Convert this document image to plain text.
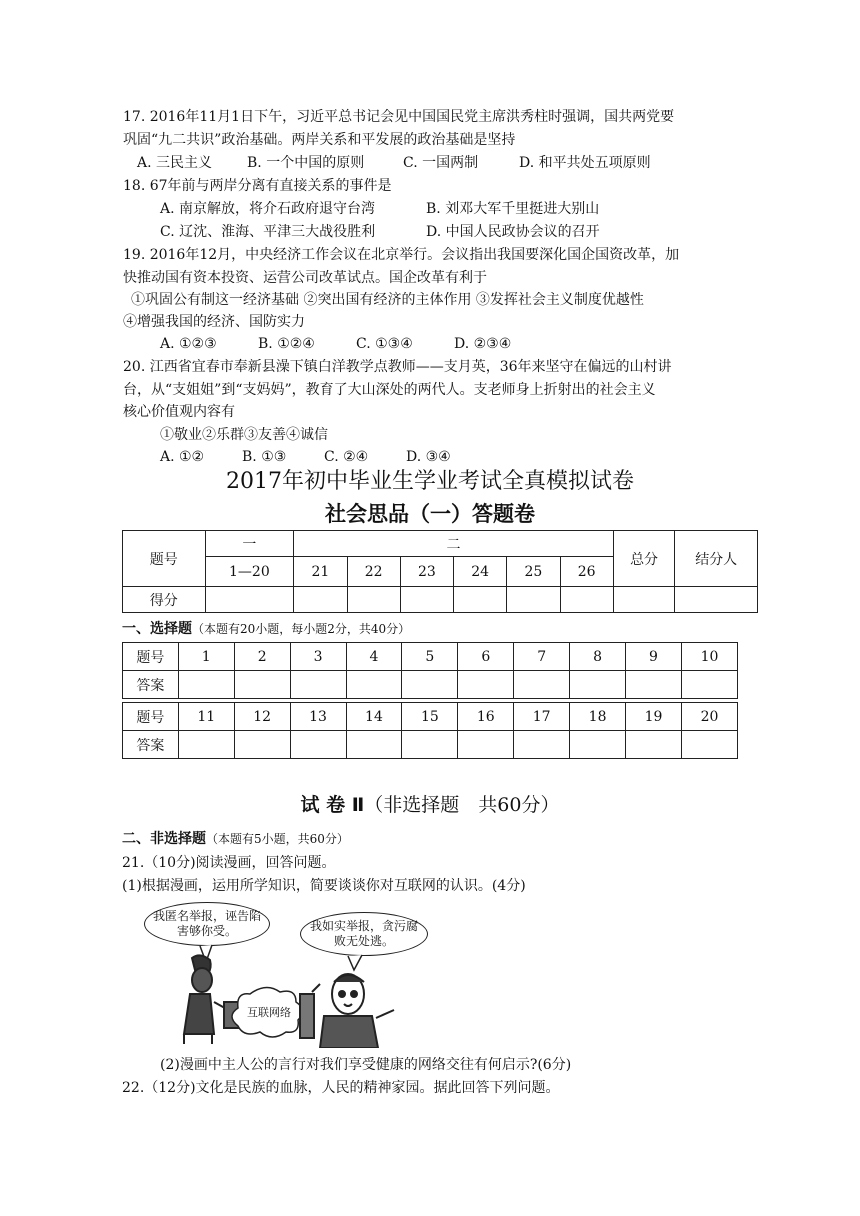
17. 2016年11月1日下午，习近平总书记会见中国国民党主席洪秀柱时强调，国共两党要
巩固“九二共识”政治基础。两岸关系和平发展的政治基础是坚持
A. 三民主义 B. 一个中国的原则	C. 一国两制	D. 和平共处五项原则
18. 67年前与两岸分离有直接关系的事件是
A. 南京解放，将介石政府退守台湾	B. 刘邓大军千里挺进大别山
C. 辽沈、淮海、平津三大战役胜利	D. 中国人民政协会议的召开
19. 2016年12月，中央经济工作会议在北京举行。会议指出我国要深化国企国资改革，加
快推动国有资本投资、运营公司改革试点。国企改革有利于
①巩固公有制这一经济基础 ②突出国有经济的主体作用 ③发挥社会主义制度优越性
④增强我国的经济、国防实力
A. ①②③	B. ①②④	C. ①③④	D. ②③④
20. 江西省宜春市奉新县澡下镇白洋教学点教师——支月英，36年来坚守在偏远的山村讲
台，从“支姐姐”到“支妈妈”，教育了大山深处的两代人。支老师身上折射出的社会主义
核心价值观内容有
①敬业②乐群③友善④诚信
A. ①②	B. ①③	C. ②④	D. ③④
2017年初中毕业生学业考试全真模拟试卷
社会思品（一）答题卷
题号	一	二						总分	结分人
	1—20	21	22	23	24	25	26		
得分									
一、选择题（本题有20小题，每小题2分，共40分）
题号	1	2	3	4	5	6	7	8	9	10
答案										

题号	11	12	13	14	15	16	17	18	19	20
答案										
试 卷 Ⅱ（非选择题　共60分）
二、非选择题（本题有5小题，共60分）
21.（10分)阅读漫画，回答问题。
(1)根据漫画，运用所学知识，简要谈谈你对互联网的认识。(4分)
我匿名举报，诬告陷害够你受。	我如实举报，贪污腐败无处逃。
互联网络
(2)漫画中主人公的言行对我们享受健康的网络交往有何启示?(6分)
22.（12分)文化是民族的血脉，人民的精神家园。据此回答下列问题。
